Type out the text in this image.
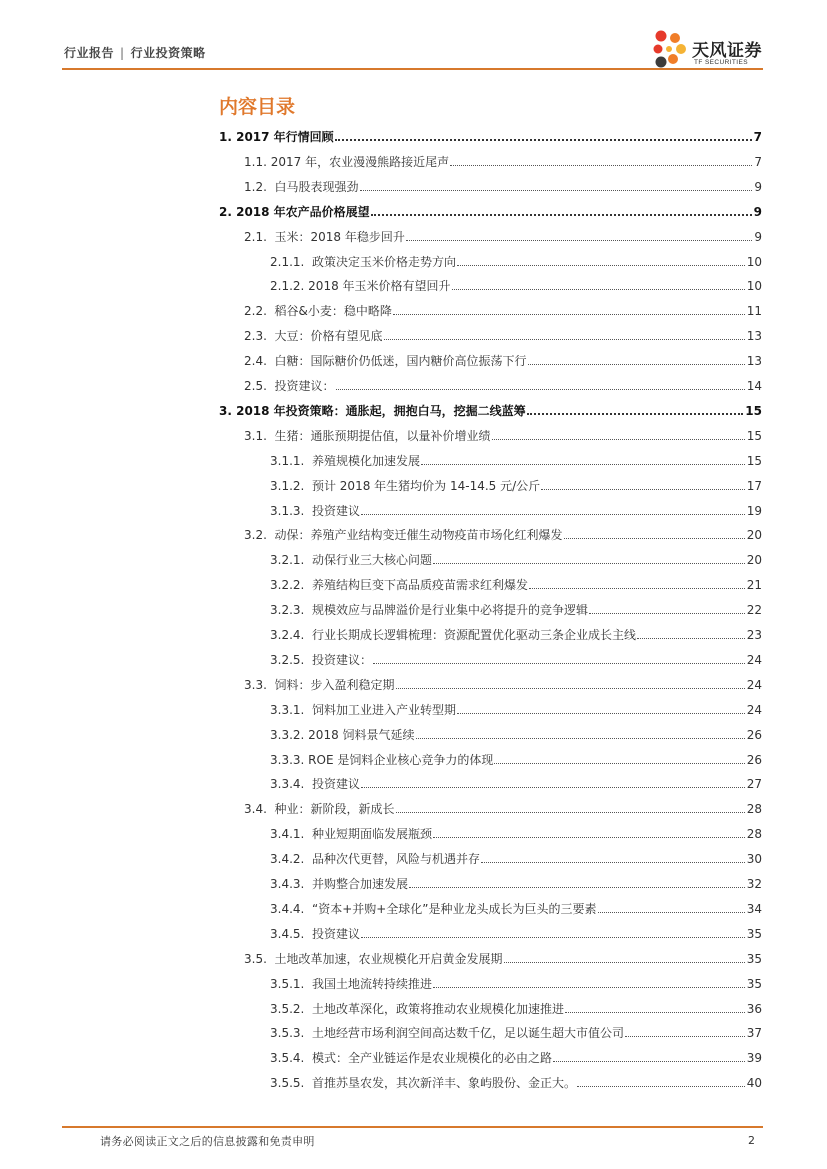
行业报告 | 行业投资策略	天风证券
TF SECURITIES
内容目录
1. 2017 年行情回顾	7
1.1. 2017 年，农业漫漫熊路接近尾声	7
1.2. 白马股表现强劲	9
2. 2018 年农产品价格展望	9
2.1. 玉米：2018 年稳步回升	9
2.1.1. 政策决定玉米价格走势方向	10
2.1.2. 2018 年玉米价格有望回升	10
2.2. 稻谷&小麦：稳中略降	11
2.3. 大豆：价格有望见底	13
2.4. 白糖：国际糖价仍低迷，国内糖价高位振荡下行	13
2.5. 投资建议：	14
3. 2018 年投资策略：通胀起，拥抱白马，挖掘二线蓝筹	15
3.1. 生猪：通胀预期提估值，以量补价增业绩	15
3.1.1. 养殖规模化加速发展	15
3.1.2. 预计 2018 年生猪均价为 14-14.5 元/公斤	17
3.1.3. 投资建议	19
3.2. 动保：养殖产业结构变迁催生动物疫苗市场化红利爆发	20
3.2.1. 动保行业三大核心问题	20
3.2.2. 养殖结构巨变下高品质疫苗需求红利爆发	21
3.2.3. 规模效应与品牌溢价是行业集中必将提升的竞争逻辑	22
3.2.4. 行业长期成长逻辑梳理：资源配置优化驱动三条企业成长主线	23
3.2.5. 投资建议：	24
3.3. 饲料：步入盈利稳定期	24
3.3.1. 饲料加工业进入产业转型期	24
3.3.2. 2018 饲料景气延续	26
3.3.3. ROE 是饲料企业核心竞争力的体现	26
3.3.4. 投资建议	27
3.4. 种业：新阶段，新成长	28
3.4.1. 种业短期面临发展瓶颈	28
3.4.2. 品种次代更替，风险与机遇并存	30
3.4.3. 并购整合加速发展	32
3.4.4. “资本+并购+全球化”是种业龙头成长为巨头的三要素	34
3.4.5. 投资建议	35
3.5. 土地改革加速，农业规模化开启黄金发展期	35
3.5.1. 我国土地流转持续推进	35
3.5.2. 土地改革深化，政策将推动农业规模化加速推进	36
3.5.3. 土地经营市场利润空间高达数千亿，足以诞生超大市值公司	37
3.5.4. 模式：全产业链运作是农业规模化的必由之路	39
3.5.5. 首推苏垦农发，其次新洋丰、象屿股份、金正大。	40
请务必阅读正文之后的信息披露和免责申明	2
